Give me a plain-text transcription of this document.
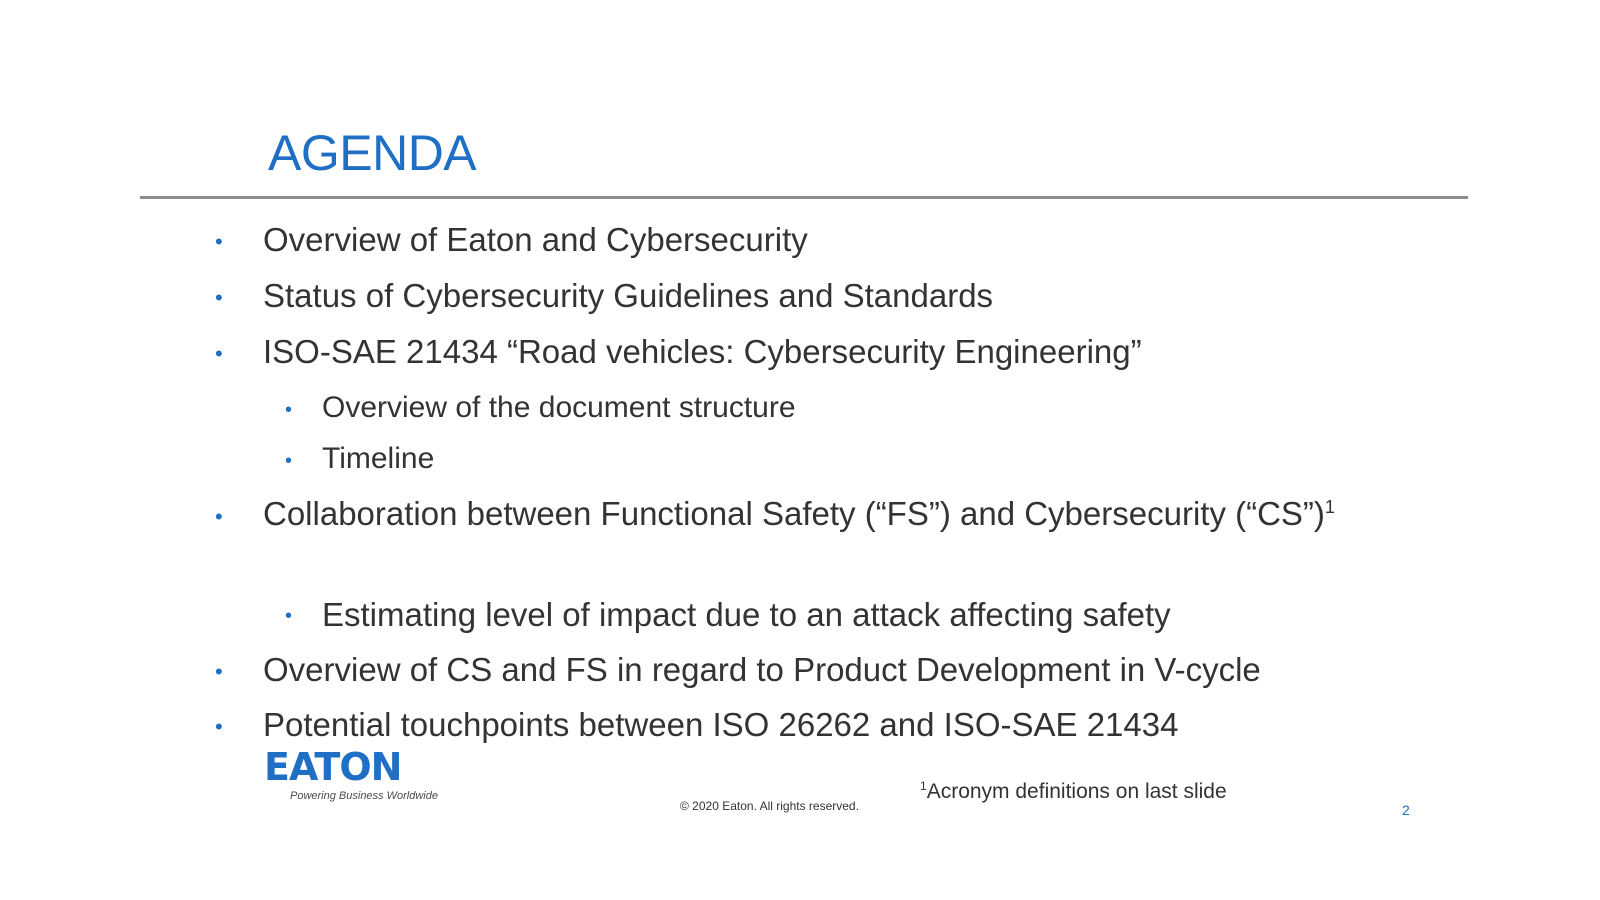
AGENDA
• Overview of Eaton and Cybersecurity
• Status of Cybersecurity Guidelines and Standards
• ISO-SAE 21434 “Road vehicles: Cybersecurity Engineering”
• Overview of the document structure
• Timeline
• Collaboration between Functional Safety (“FS”) and Cybersecurity (“CS”)$^1$
• Estimating level of impact due to an attack affecting safety
• Overview of CS and FS in regard to Product Development in V-cycle
• Potential touchpoints between ISO 26262 and ISO-SAE 21434
EATON
Powering Business Worldwide
© 2020 Eaton. All rights reserved.
$^1$Acronym definitions on last slide
2
